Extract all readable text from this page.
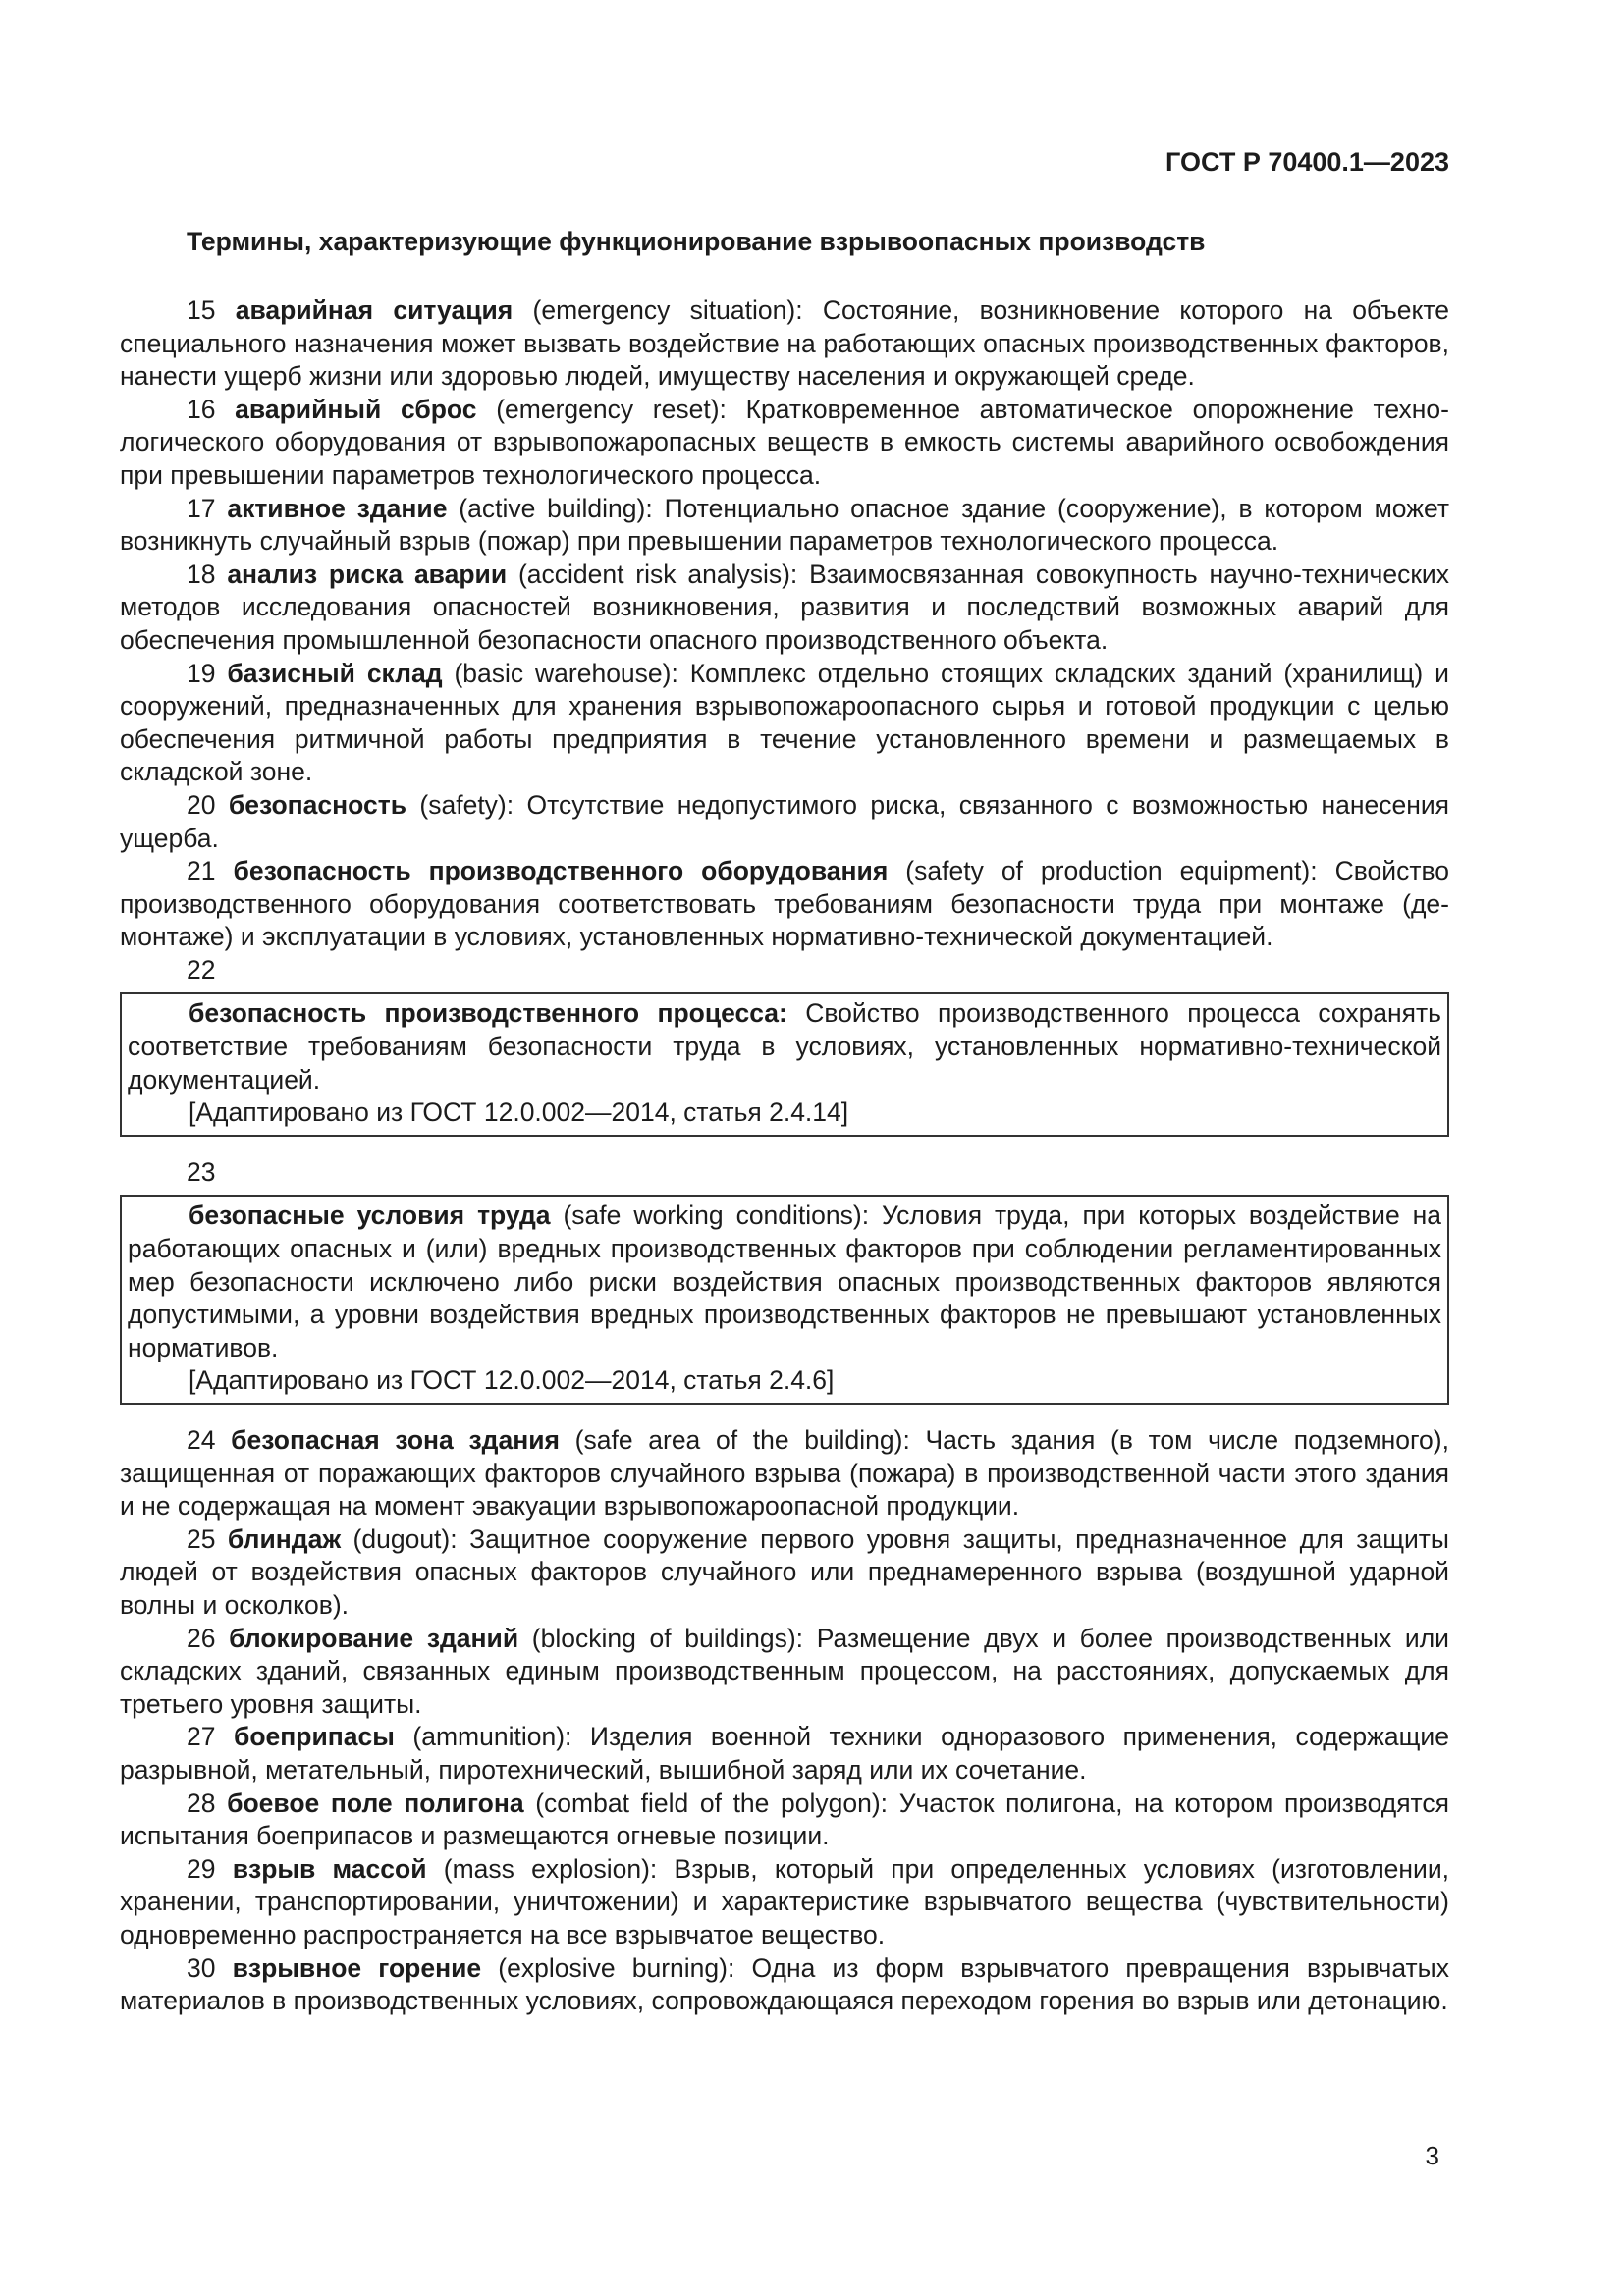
ГОСТ Р 70400.1—2023
Термины, характеризующие функционирование взрывоопасных производств

15 аварийная ситуация (emergency situation): Состояние, возникновение которого на объекте специального назначения может вызвать воздействие на работающих опасных производственных факторов, нанести ущерб жизни или здоровью людей, имуществу населения и окружающей среде.

16 аварийный сброс (emergency reset): Кратковременное автоматическое опорожнение технологического оборудования от взрывопожаропасных веществ в емкость системы аварийного освобождения при превышении параметров технологического процесса.

17 активное здание (active building): Потенциально опасное здание (сооружение), в котором может возникнуть случайный взрыв (пожар) при превышении параметров технологического процесса.

18 анализ риска аварии (accident risk analysis): Взаимосвязанная совокупность научно-технических методов исследования опасностей возникновения, развития и последствий возможных аварий для обеспечения промышленной безопасности опасного производственного объекта.

19 базисный склад (basic warehouse): Комплекс отдельно стоящих складских зданий (хранилищ) и сооружений, предназначенных для хранения взрывопожароопасного сырья и готовой продукции с целью обеспечения ритмичной работы предприятия в течение установленного времени и размещаемых в складской зоне.

20 безопасность (safety): Отсутствие недопустимого риска, связанного с возможностью нанесения ущерба.

21 безопасность производственного оборудования (safety of production equipment): Свойство производственного оборудования соответствовать требованиям безопасности труда при монтаже (демонтаже) и эксплуатации в условиях, установленных нормативно-технической документацией.

22

безопасность производственного процесса: Свойство производственного процесса сохранять соответствие требованиям безопасности труда в условиях, установленных нормативно-технической документацией.

[Адаптировано из ГОСТ 12.0.002—2014, статья 2.4.14]

23

безопасные условия труда (safe working conditions): Условия труда, при которых воздействие на работающих опасных и (или) вредных производственных факторов при соблюдении регламентированных мер безопасности исключено либо риски воздействия опасных производственных факторов являются допустимыми, а уровни воздействия вредных производственных факторов не превышают установленных нормативов.

[Адаптировано из ГОСТ 12.0.002—2014, статья 2.4.6]

24 безопасная зона здания (safe area of the building): Часть здания (в том числе подземного), защищенная от поражающих факторов случайного взрыва (пожара) в производственной части этого здания и не содержащая на момент эвакуации взрывопожароопасной продукции.

25 блиндаж (dugout): Защитное сооружение первого уровня защиты, предназначенное для защиты людей от воздействия опасных факторов случайного или преднамеренного взрыва (воздушной ударной волны и осколков).

26 блокирование зданий (blocking of buildings): Размещение двух и более производственных или складских зданий, связанных единым производственным процессом, на расстояниях, допускаемых для третьего уровня защиты.

27 боеприпасы (ammunition): Изделия военной техники одноразового применения, содержащие разрывной, метательный, пиротехнический, вышибной заряд или их сочетание.

28 боевое поле полигона (combat field of the polygon): Участок полигона, на котором производятся испытания боеприпасов и размещаются огневые позиции.

29 взрыв массой (mass explosion): Взрыв, который при определенных условиях (изготовлении, хранении, транспортировании, уничтожении) и характеристике взрывчатого вещества (чувствительности) одновременно распространяется на все взрывчатое вещество.

30 взрывное горение (explosive burning): Одна из форм взрывчатого превращения взрывчатых материалов в производственных условиях, сопровождающаяся переходом горения во взрыв или детонацию.

3
